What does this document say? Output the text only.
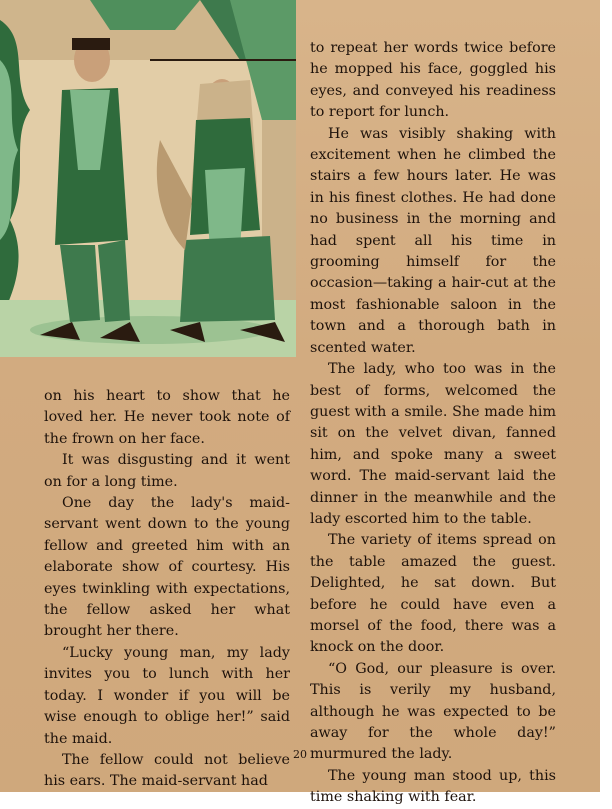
on his heart to show that he loved her. He never took note of the frown on her face.

It was disgusting and it went on for a long time.

One day the lady's maid-servant went down to the young fellow and greeted him with an elaborate show of courtesy. His eyes twinkling with expectations, the fellow asked her what brought her there.

“Lucky young man, my lady invites you to lunch with her today. I wonder if you will be wise enough to oblige her!” said the maid.

The fellow could not believe his ears. The maid-servant had

to repeat her words twice before he mopped his face, goggled his eyes, and conveyed his readiness to report for lunch.

He was visibly shaking with excitement when he climbed the stairs a few hours later. He was in his finest clothes. He had done no business in the morning and had spent all his time in grooming himself for the occasion—taking a hair-cut at the most fashionable saloon in the town and a thorough bath in scented water.

The lady, who too was in the best of forms, welcomed the guest with a smile. She made him sit on the velvet divan, fanned him, and spoke many a sweet word. The maid-servant laid the dinner in the meanwhile and the lady escorted him to the table.

The variety of items spread on the table amazed the guest. Delighted, he sat down. But before he could have even a morsel of the food, there was a knock on the door.

“O God, our pleasure is over. This is verily my husband, although he was expected to be away for the whole day!” murmured the lady.

The young man stood up, this time shaking with fear.

20
